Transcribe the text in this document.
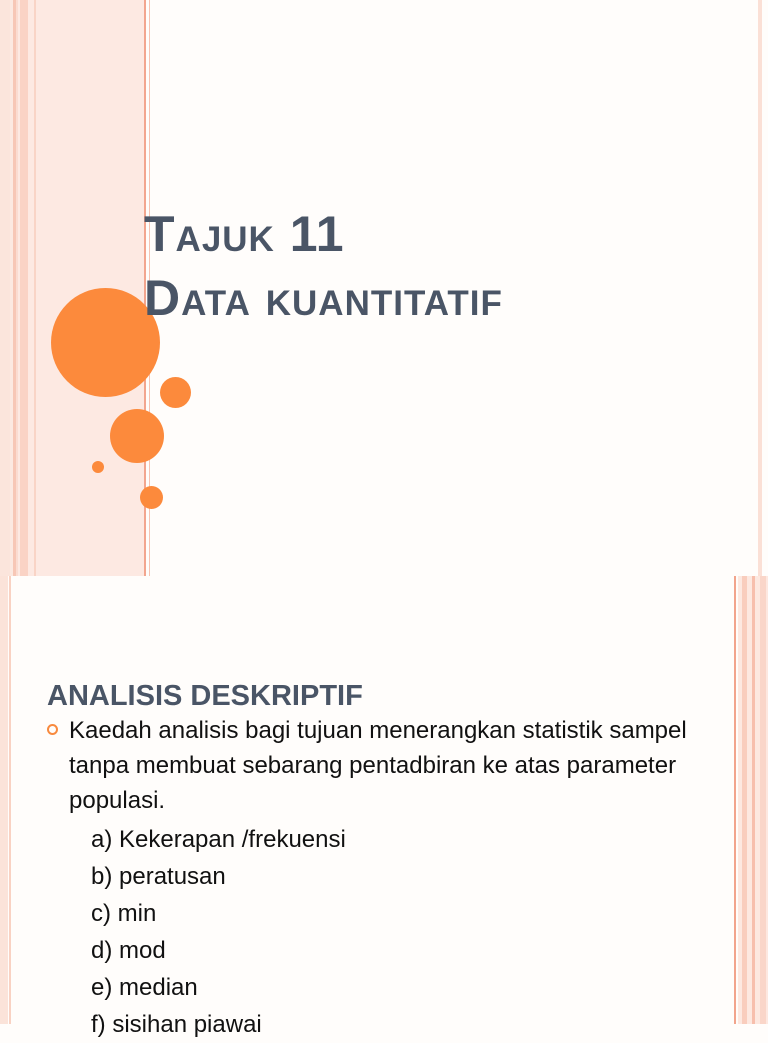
Tajuk 11
Data kuantitatif
ANALISIS DESKRIPTIF
Kaedah analisis bagi tujuan menerangkan statistik sampel tanpa membuat sebarang pentadbiran ke atas parameter populasi.
a) Kekerapan /frekuensi
b) peratusan
c) min
d) mod
e) median
f) sisihan piawai
